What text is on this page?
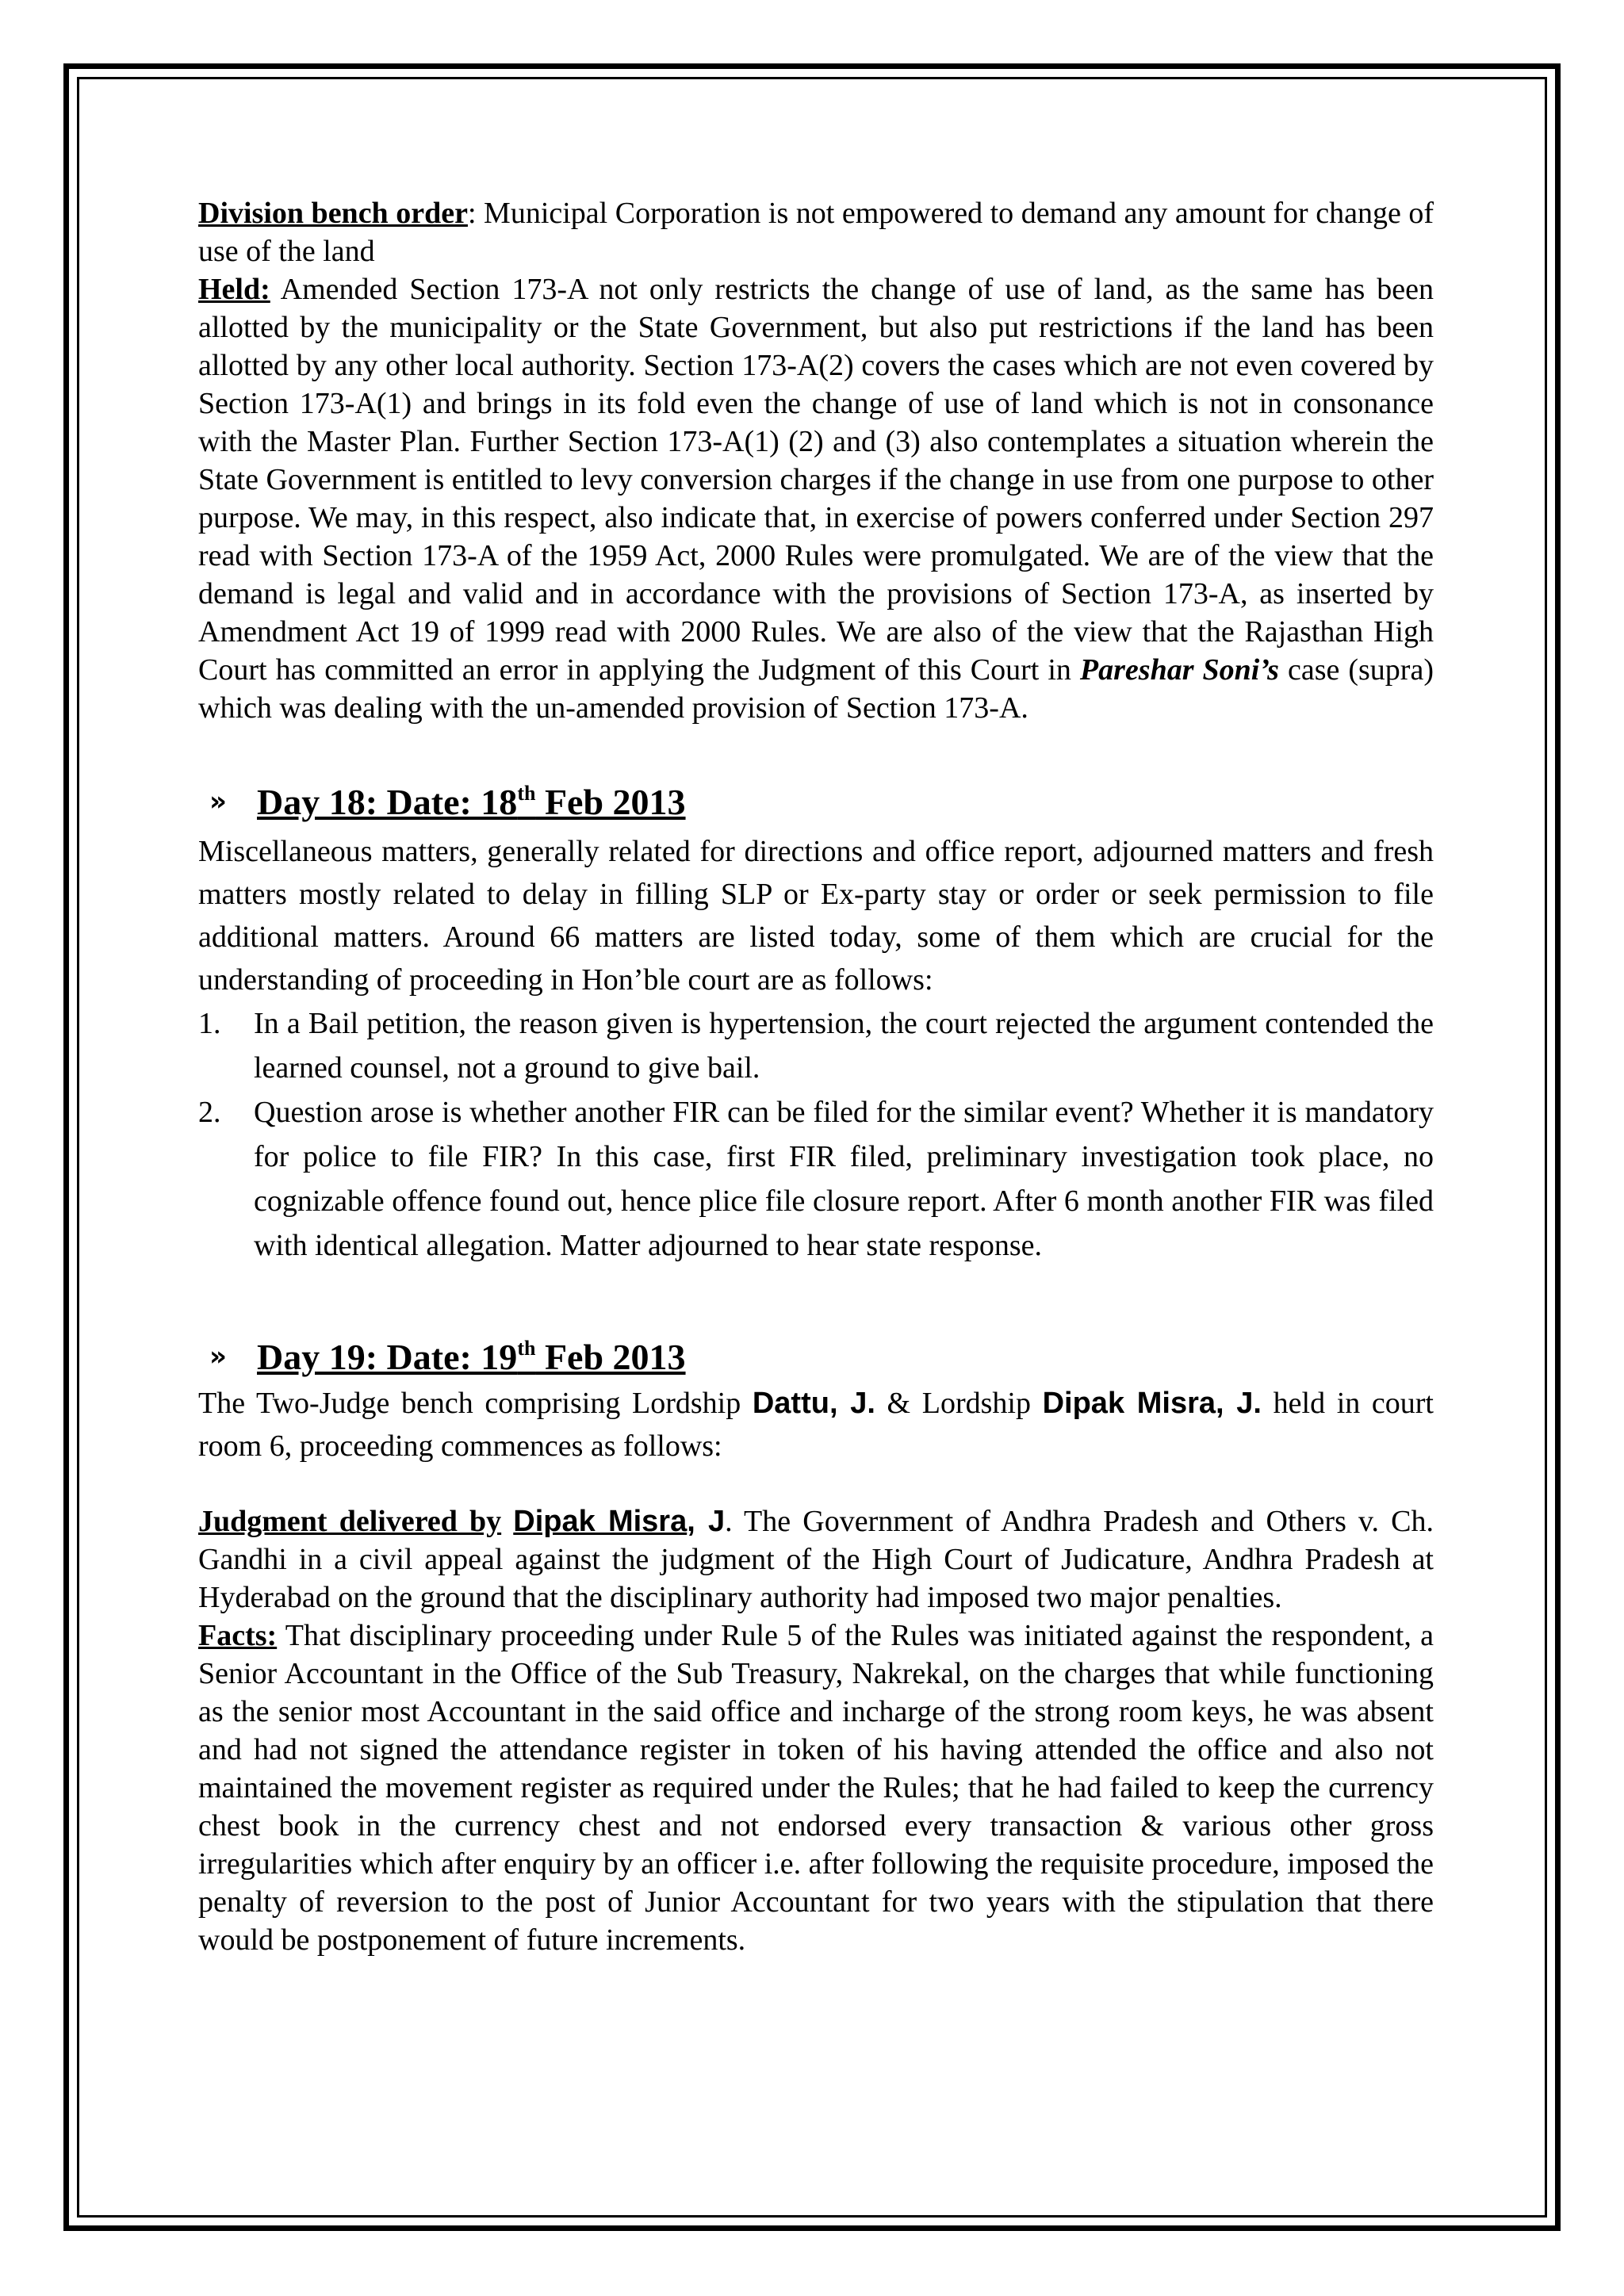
Division bench order: Municipal Corporation is not empowered to demand any amount for change of use of the land

Held: Amended Section 173-A not only restricts the change of use of land, as the same has been allotted by the municipality or the State Government, but also put restrictions if the land has been allotted by any other local authority. Section 173-A(2) covers the cases which are not even covered by Section 173-A(1) and brings in its fold even the change of use of land which is not in consonance with the Master Plan. Further Section 173-A(1) (2) and (3) also contemplates a situation wherein the State Government is entitled to levy conversion charges if the change in use from one purpose to other purpose. We may, in this respect, also indicate that, in exercise of powers conferred under Section 297 read with Section 173-A of the 1959 Act, 2000 Rules were promulgated. We are of the view that the demand is legal and valid and in accordance with the provisions of Section 173-A, as inserted by Amendment Act 19 of 1999 read with 2000 Rules. We are also of the view that the Rajasthan High Court has committed an error in applying the Judgment of this Court in Pareshar Soni’s case (supra) which was dealing with the un-amended provision of Section 173-A.

» Day 18: Date: 18th Feb 2013

Miscellaneous matters, generally related for directions and office report, adjourned matters and fresh matters mostly related to delay in filling SLP or Ex-party stay or order or seek permission to file additional matters. Around 66 matters are listed today, some of them which are crucial for the understanding of proceeding in Hon’ble court are as follows:

1. In a Bail petition, the reason given is hypertension, the court rejected the argument contended the learned counsel, not a ground to give bail.
2. Question arose is whether another FIR can be filed for the similar event? Whether it is mandatory for police to file FIR? In this case, first FIR filed, preliminary investigation took place, no cognizable offence found out, hence plice file closure report. After 6 month another FIR was filed with identical allegation. Matter adjourned to hear state response.
» Day 19: Date: 19th Feb 2013

The Two-Judge bench comprising Lordship Dattu, J. & Lordship Dipak Misra, J. held in court room 6, proceeding commences as follows:

Judgment delivered by Dipak Misra, J. The Government of Andhra Pradesh and Others v. Ch. Gandhi in a civil appeal against the judgment of the High Court of Judicature, Andhra Pradesh at Hyderabad on the ground that the disciplinary authority had imposed two major penalties.

Facts: That disciplinary proceeding under Rule 5 of the Rules was initiated against the respondent, a Senior Accountant in the Office of the Sub Treasury, Nakrekal, on the charges that while functioning as the senior most Accountant in the said office and incharge of the strong room keys, he was absent and had not signed the attendance register in token of his having attended the office and also not maintained the movement register as required under the Rules; that he had failed to keep the currency chest book in the currency chest and not endorsed every transaction & various other gross irregularities which after enquiry by an officer i.e. after following the requisite procedure, imposed the penalty of reversion to the post of Junior Accountant for two years with the stipulation that there would be postponement of future increments.
